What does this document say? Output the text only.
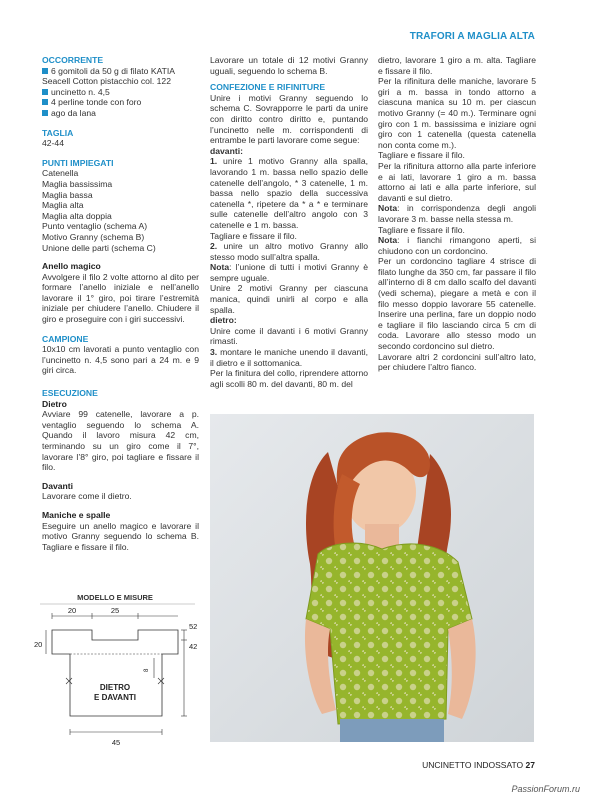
TRAFORI A MAGLIA ALTA
OCCORRENTE
6 gomitoli da 50 g di filato KATIA Seacell Cotton pistacchio col. 122
uncinetto n. 4,5
4 perline tonde con foro
ago da lana
TAGLIA
42-44
PUNTI IMPIEGATI
Catenella
Maglia bassissima
Maglia bassa
Maglia alta
Maglia alta doppia
Punto ventaglio (schema A)
Motivo Granny (schema B)
Unione delle parti (schema C)
Anello magico
Avvolgere il filo 2 volte attorno al dito per formare l’anello iniziale e nell’anello lavorare il 1° giro, poi tirare l’estremità iniziale per chiudere l’anello. Chiudere il giro e proseguire con i giri successivi.
CAMPIONE
10x10 cm lavorati a punto ventaglio con l’uncinetto n. 4,5 sono pari a 24 m. e 9 giri circa.
ESECUZIONE
Dietro
Avviare 99 catenelle, lavorare a p. ventaglio seguendo lo schema A. Quando il lavoro misura 42 cm, terminando su un giro come il 7°, lavorare l’8° giro, poi tagliare e fissare il filo.
Davanti
Lavorare come il dietro.
Maniche e spalle
Eseguire un anello magico e lavorare il motivo Granny seguendo lo schema B. Tagliare e fissare il filo.
Lavorare un totale di 12 motivi Granny uguali, seguendo lo schema B.
CONFEZIONE E RIFINITURE
Unire i motivi Granny seguendo lo schema C. Sovrapporre le parti da unire con diritto contro diritto e, puntando l’uncinetto nelle m. corrispondenti di entrambe le parti lavorare come segue:
davanti:
1. unire 1 motivo Granny alla spalla, lavorando 1 m. bassa nello spazio delle catenelle dell’angolo, * 3 catenelle, 1 m. bassa nello spazio della successiva catenella *, ripetere da * a * e terminare sulle catenelle dell’altro angolo con 3 catenelle e 1 m. bassa.
Tagliare e fissare il filo.
2. unire un altro motivo Granny allo stesso modo sull’altra spalla.
Nota: l’unione di tutti i motivi Granny è sempre uguale.
Unire 2 motivi Granny per ciascuna manica, quindi unirli al corpo e alla spalla.
dietro:
Unire come il davanti i 6 motivi Granny rimasti.
3. montare le maniche unendo il davanti, il dietro e il sottomanica.
Per la finitura del collo, riprendere attorno agli scolli 80 m. del davanti, 80 m. del
dietro, lavorare 1 giro a m. alta. Tagliare e fissare il filo.
Per la rifinitura delle maniche, lavorare 5 giri a m. bassa in tondo attorno a ciascuna manica su 10 m. per ciascun motivo Granny (= 40 m.). Terminare ogni giro con 1 m. bassissima e iniziare ogni giro con 1 catenella (questa catenella non conta come m.).
Tagliare e fissare il filo.
Per la rifinitura attorno alla parte inferiore e ai lati, lavorare 1 giro a m. bassa attorno ai lati e alla parte inferiore, sul davanti e sul dietro.
Nota: in corrispondenza degli angoli lavorare 3 m. basse nella stessa m.
Tagliare e fissare il filo.
Nota: i fianchi rimangono aperti, si chiudono con un cordoncino.
Per un cordoncino tagliare 4 strisce di filato lunghe da 350 cm, far passare il filo all’interno di 8 cm dallo scalfo del davanti (vedi schema), piegare a metà e con il filo messo doppio lavorare 55 catenelle. Inserire una perlina, fare un doppio nodo e tagliare il filo lasciando circa 5 cm di coda. Lavorare allo stesso modo un secondo cordoncino sul dietro.
Lavorare altri 2 cordoncini sull’altro lato, per chiudere l’altro fianco.
MODELLO E MISURE
20	25
52
42
20
8
DIETRO
E DAVANTI
45
UNCINETTO INDOSSATO 27
PassionForum.ru
